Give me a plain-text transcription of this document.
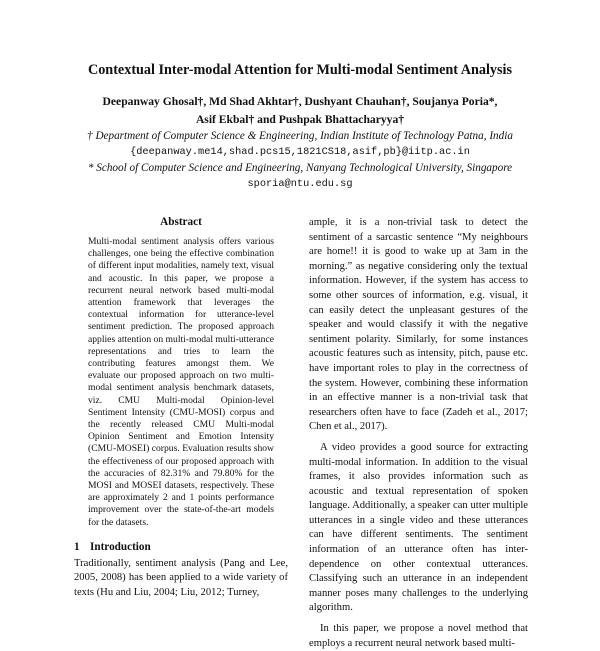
Contextual Inter-modal Attention for Multi-modal Sentiment Analysis
Deepanway Ghosal†, Md Shad Akhtar†, Dushyant Chauhan†, Soujanya Poria*,
Asif Ekbal† and Pushpak Bhattacharyya†
† Department of Computer Science & Engineering, Indian Institute of Technology Patna, India
{deepanway.me14,shad.pcs15,1821CS18,asif,pb}@iitp.ac.in
* School of Computer Science and Engineering, Nanyang Technological University, Singapore
sporia@ntu.edu.sg
Abstract

Multi-modal sentiment analysis offers various challenges, one being the effective combination of different input modalities, namely text, visual and acoustic. In this paper, we propose a recurrent neural network based multi-modal attention framework that leverages the contextual information for utterance-level sentiment prediction. The proposed approach applies attention on multi-modal multi-utterance representations and tries to learn the contributing features amongst them. We evaluate our proposed approach on two multi-modal sentiment analysis benchmark datasets, viz. CMU Multi-modal Opinion-level Sentiment Intensity (CMU-MOSI) corpus and the recently released CMU Multi-modal Opinion Sentiment and Emotion Intensity (CMU-MOSEI) corpus. Evaluation results show the effectiveness of our proposed approach with the accuracies of 82.31% and 79.80% for the MOSI and MOSEI datasets, respectively. These are approximately 2 and 1 points performance improvement over the state-of-the-art models for the datasets.

1 Introduction

Traditionally, sentiment analysis (Pang and Lee, 2005, 2008) has been applied to a wide variety of texts (Hu and Liu, 2004; Liu, 2012; Turney,

ample, it is a non-trivial task to detect the sentiment of a sarcastic sentence “My neighbours are home!! it is good to wake up at 3am in the morning.” as negative considering only the textual information. However, if the system has access to some other sources of information, e.g. visual, it can easily detect the unpleasant gestures of the speaker and would classify it with the negative sentiment polarity. Similarly, for some instances acoustic features such as intensity, pitch, pause etc. have important roles to play in the correctness of the system. However, combining these information in an effective manner is a non-trivial task that researchers often have to face (Zadeh et al., 2017; Chen et al., 2017).

A video provides a good source for extracting multi-modal information. In addition to the visual frames, it also provides information such as acoustic and textual representation of spoken language. Additionally, a speaker can utter multiple utterances in a single video and these utterances can have different sentiments. The sentiment information of an utterance often has inter-dependence on other contextual utterances. Classifying such an utterance in an independent manner poses many challenges to the underlying algorithm.

In this paper, we propose a novel method that employs a recurrent neural network based multi-
